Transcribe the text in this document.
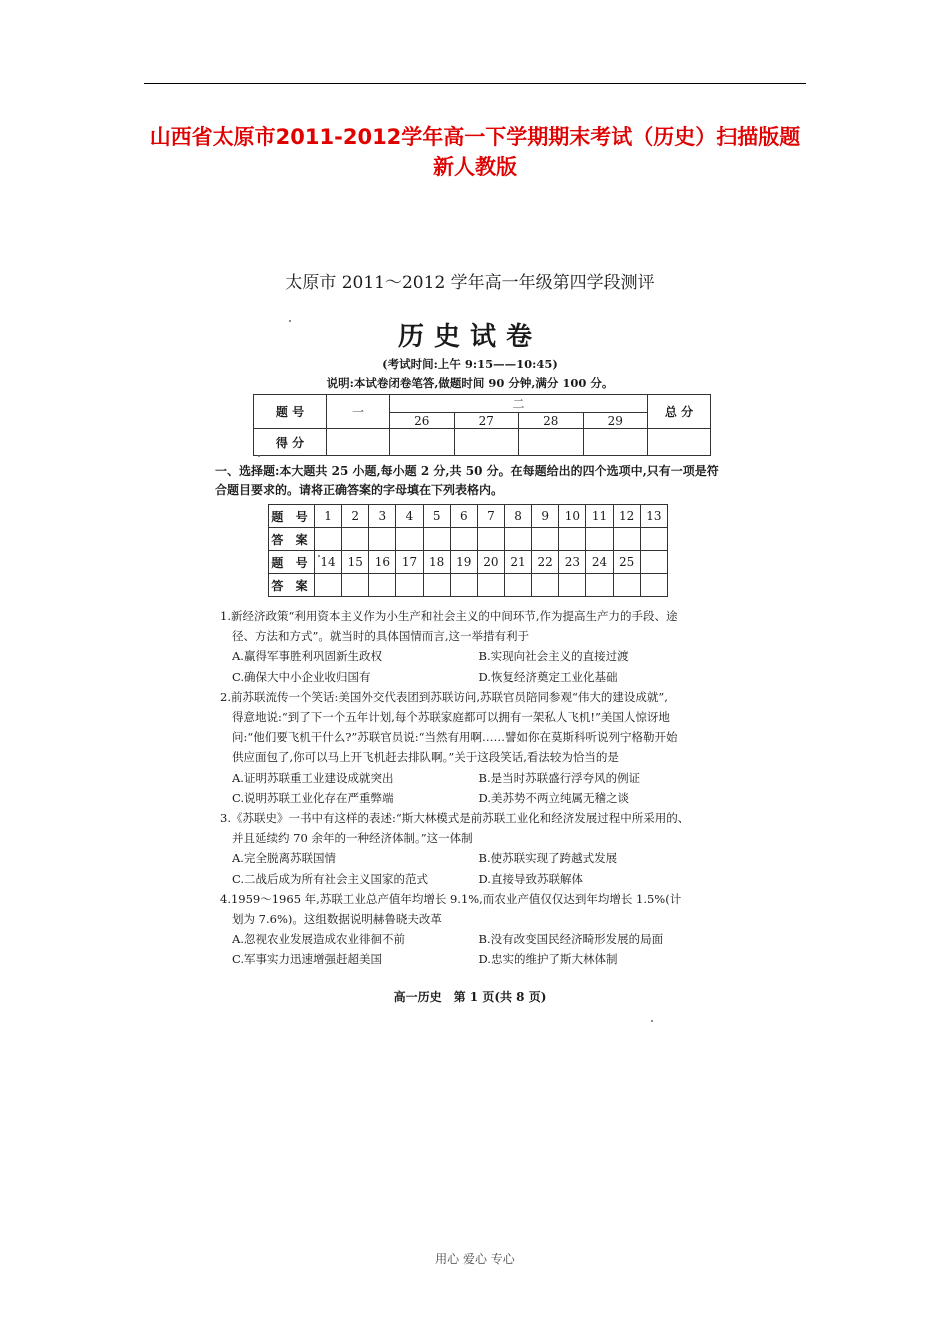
山西省太原市2011-2012学年高一下学期期末考试（历史）扫描版题
新人教版
太原市 2011～2012 学年高一年级第四学段测评
历史试卷
(考试时间:上午 9:15——10:45)
说明:本试卷闭卷笔答,做题时间 90 分钟,满分 100 分。
题 号	一	二				总 分
		26	27	28	29	
得 分						
一、选择题:本大题共 25 小题,每小题 2 分,共 50 分。在每题给出的四个选项中,只有一项是符合题目要求的。请将正确答案的字母填在下列表格内。
题 号	1	2	3	4	5	6	7	8	9	10	11	12	13
答 案													
题 号	14	15	16	17	18	19	20	21	22	23	24	25	
答 案													
1.新经济政策“利用资本主义作为小生产和社会主义的中间环节,作为提高生产力的手段、途
径、方法和方式”。就当时的具体国情而言,这一举措有利于
A.赢得军事胜利巩固新生政权	B.实现向社会主义的直接过渡
C.确保大中小企业收归国有	D.恢复经济奠定工业化基础
2.前苏联流传一个笑话:美国外交代表团到苏联访问,苏联官员陪同参观“伟大的建设成就”,
得意地说:“到了下一个五年计划,每个苏联家庭都可以拥有一架私人飞机!”美国人惊讶地
问:“他们要飞机干什么?”苏联官员说:“当然有用啊……譬如你在莫斯科听说列宁格勒开始
供应面包了,你可以马上开飞机赶去排队啊。”关于这段笑话,看法较为恰当的是
A.证明苏联重工业建设成就突出	B.是当时苏联盛行浮夸风的例证
C.说明苏联工业化存在严重弊端	D.美苏势不两立纯属无稽之谈
3.《苏联史》一书中有这样的表述:“斯大林模式是前苏联工业化和经济发展过程中所采用的、
并且延续约 70 余年的一种经济体制。”这一体制
A.完全脱离苏联国情	B.使苏联实现了跨越式发展
C.二战后成为所有社会主义国家的范式	D.直接导致苏联解体
4.1959～1965 年,苏联工业总产值年均增长 9.1%,而农业产值仅仅达到年均增长 1.5%(计
划为 7.6%)。这组数据说明赫鲁晓夫改革
A.忽视农业发展造成农业徘徊不前	B.没有改变国民经济畸形发展的局面
C.军事实力迅速增强赶超美国	D.忠实的维护了斯大林体制
高一历史　第 1 页(共 8 页)
用心 爱心 专心
